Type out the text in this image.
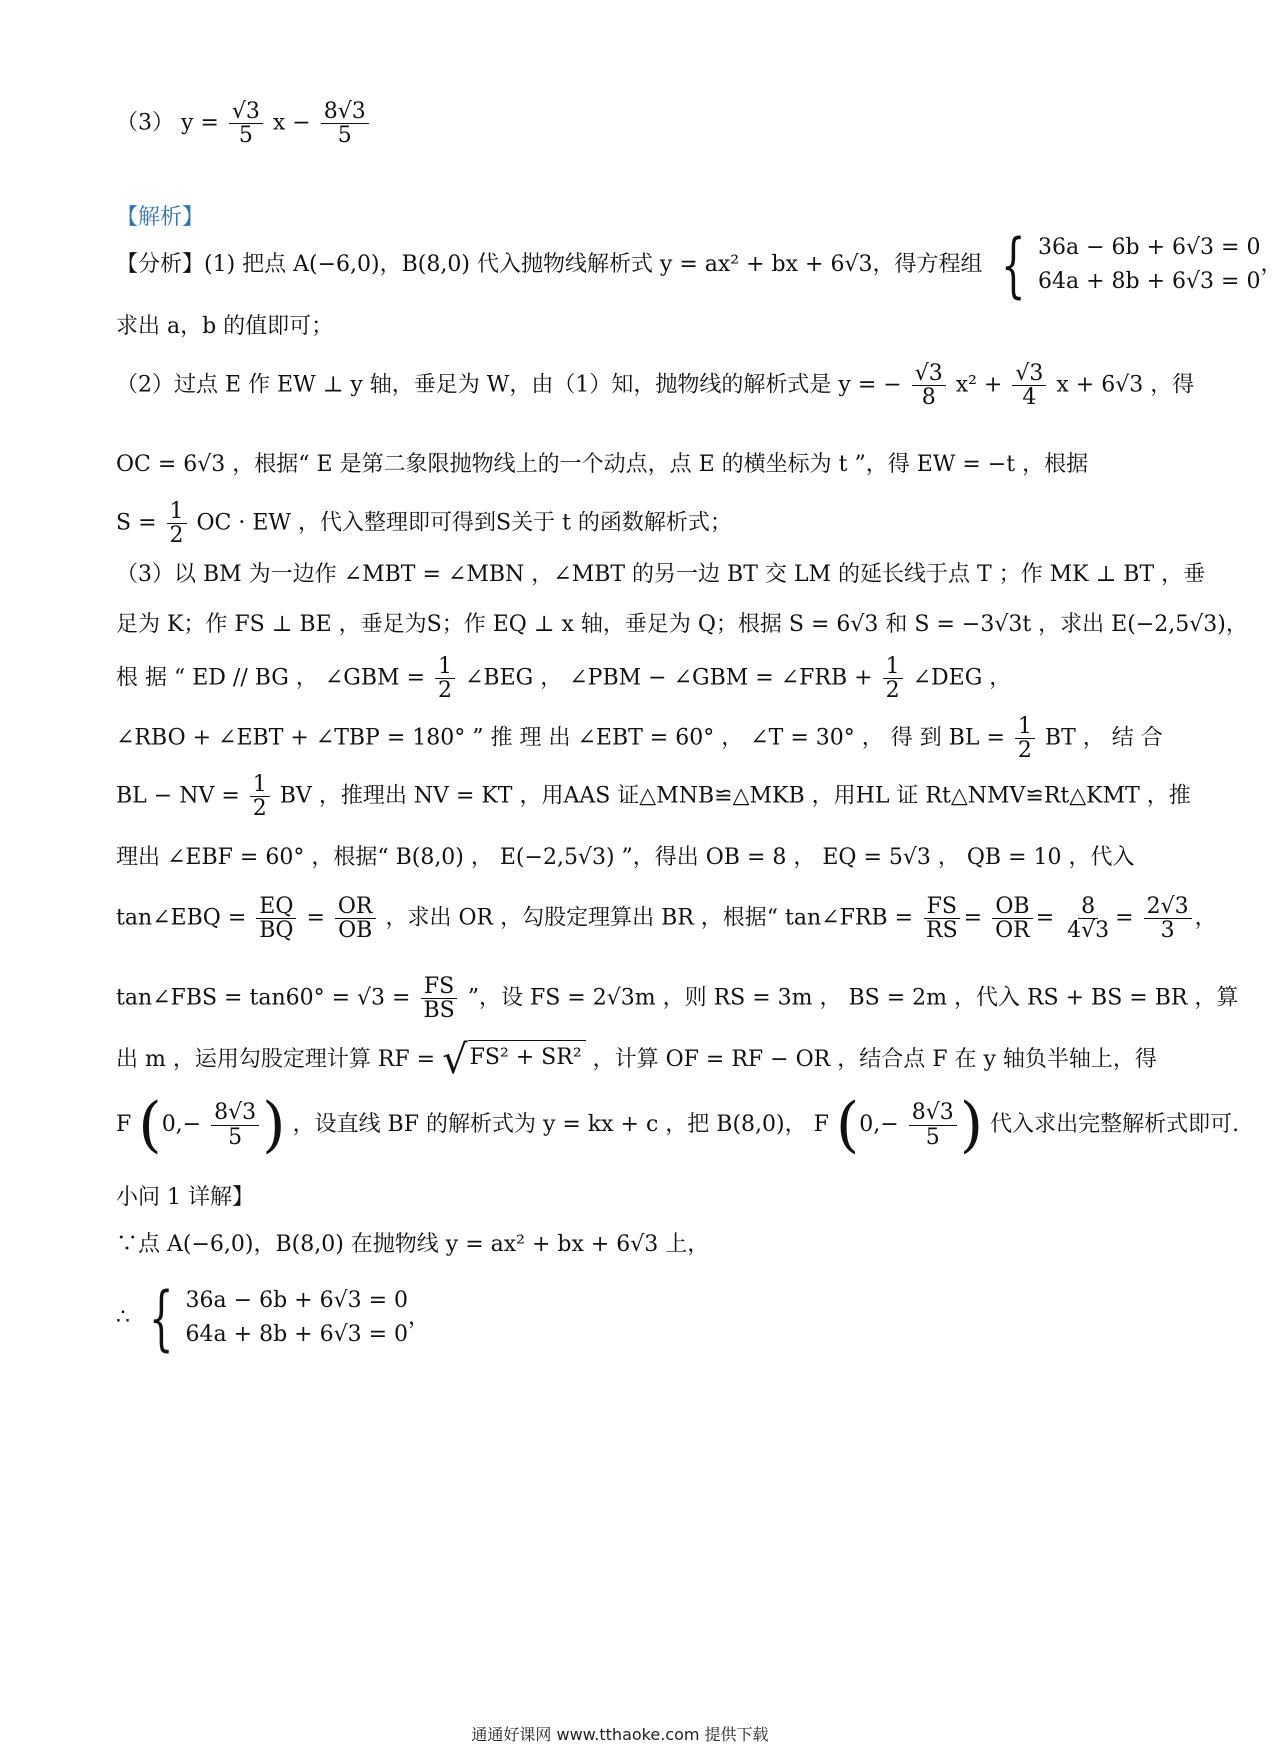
（3） $y = \frac{√3}{5}$ $x - \frac{8√3}{5}$
【解析】
【分析】(1) 把点 A(−6,0)，B(8,0) 代入抛物线解析式 y = ax² + bx + 6√3，得方程组 { 36a − 6b + 6√3 = 0
64a + 8b + 6√3 = 0
，
求出 a，b 的值即可；
（2）过点 E 作 EW ⊥ y 轴，垂足为 W，由（1）知，抛物线的解析式是 y = − $\frac{√3}{8} x^2 + \frac{√3}{4}$ x + 6√3 ，得
OC = 6√3 ，根据“ E 是第二象限抛物线上的一个动点，点 E 的横坐标为 t ”，得 EW = −t ，根据
$S = \frac{1}{2}$ OC · EW ，代入整理即可得到S关于 t 的函数解析式；
（3）以 BM 为一边作 ∠MBT = ∠MBN ，∠MBT 的另一边 BT 交 LM 的延长线于点 T ；作 MK ⊥ BT ，垂
足为 K；作 FS ⊥ BE ，垂足为S；作 EQ ⊥ x 轴，垂足为 Q；根据 S = 6√3 和 S = −3√3t ，求出 E(−2,5√3)，
根 据 “ ED // BG ， ∠GBM = $\frac{1}{2}$ ∠BEG ， ∠PBM − ∠GBM = ∠FRB + $\frac{1}{2}$ ∠DEG ，
∠RBO + ∠EBT + ∠TBP = 180° ” 推 理 出 ∠EBT = 60° ， ∠T = 30° ， 得 到 BL = $\frac{1}{2}$ BT ， 结 合
BL − NV = $\frac{1}{2}$ BV ，推理出 NV = KT ，用AAS 证△MNB≌△MKB ，用HL 证 Rt△NMV≌Rt△KMT ，推
理出 ∠EBF = 60° ，根据“ B(8,0) ， E(−2,5√3) ”，得出 OB = 8 ， EQ = 5√3 ， QB = 10 ，代入
tan∠EBQ = $\frac{EQ}{BQ} = \frac{OR}{OB}$ ，求出 OR ，勾股定理算出 BR ，根据“ tan∠FRB = $\frac{FS}{RS} = \frac{OB}{OR} = \frac{8}{4√3} = \frac{2√3}{3}$ ，
tan∠FBS = $\tan 60^\circ = √3 = \frac{FS}{BS}$ ”，设 FS = 2√3m ，则 RS = 3m ， BS = 2m ，代入 RS + BS = BR ，算
出 m ，运用勾股定理计算 RF = √ FS² + SR² ，计算 OF = RF − OR ，结合点 F 在 y 轴负半轴上，得
F ($0,- \frac{8√3}{5}$ ) ，设直线 BF 的解析式为 y = kx + c ，把 B(8,0)， F ($0,- \frac{8√3}{5}$ ) 代入求出完整解析式即可.
小问 1 详解】
∵点 A(−6,0)，B(8,0) 在抛物线 y = ax² + bx + 6√3 上，
∴ { 36a − 6b + 6√3 = 0
64a + 8b + 6√3 = 0
，
通通好课网 www.tthaoke.com 提供下载
